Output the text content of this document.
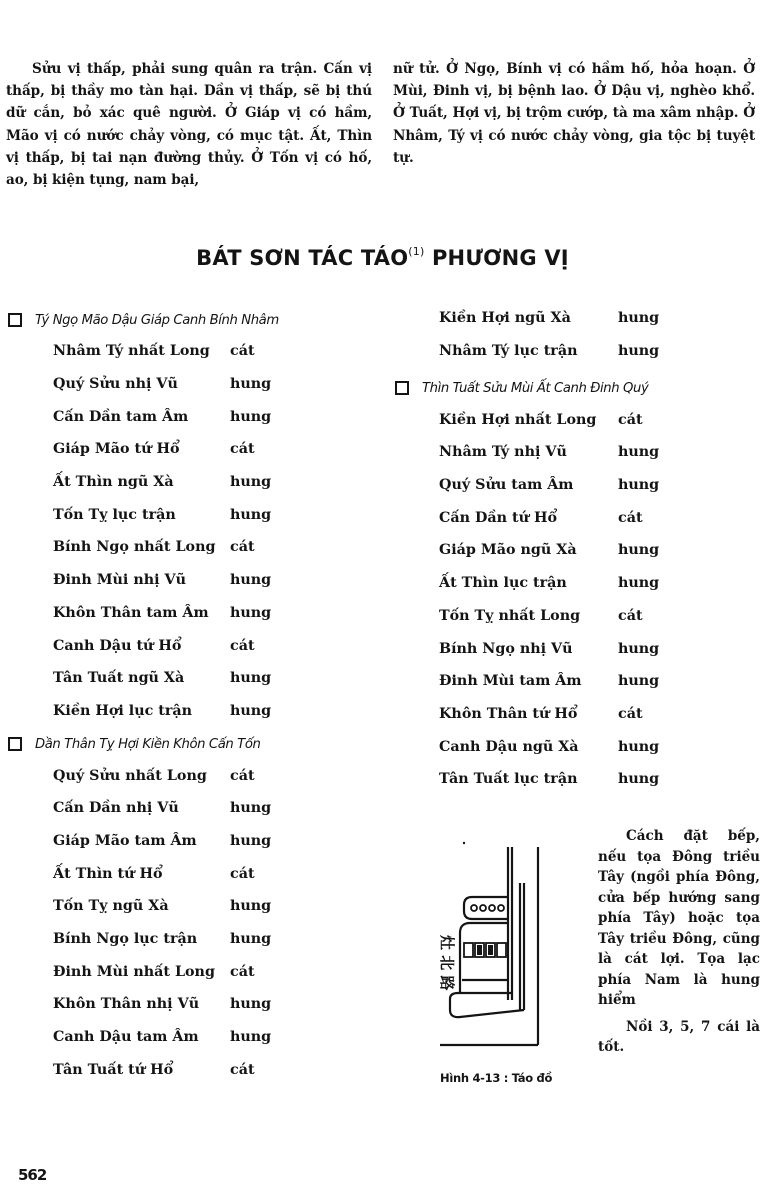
Sửu vị thấp, phải sung quân ra trận. Cấn vị thấp, bị thầy mo tàn hại. Dần vị thấp, sẽ bị thú dữ cắn, bỏ xác quê người. Ở Giáp vị có hầm, Mão vị có nước chảy vòng, có mục tật. Ất, Thìn vị thấp, bị tai nạn đường thủy. Ở Tốn vị có hố, ao, bị kiện tụng, nam bại,

nữ tử. Ở Ngọ, Bính vị có hầm hố, hỏa hoạn. Ở Mùi, Đinh vị, bị bệnh lao. Ở Dậu vị, nghèo khổ. Ở Tuất, Hợi vị, bị trộm cướp, tà ma xâm nhập. Ở Nhâm, Tý vị có nước chảy vòng, gia tộc bị tuyệt tự.

BÁT SƠN TÁC TÁO$^{(1)}$ PHƯƠNG VỊ
Tý Ngọ Mão Dậu Giáp Canh Bính Nhâm
Nhâm Tý nhất Long	cát
Quý Sửu nhị Vũ	hung
Cấn Dần tam Âm	hung
Giáp Mão tứ Hổ	cát
Ất Thìn ngũ Xà	hung
Tốn Tỵ lục trận	hung
Bính Ngọ nhất Long	cát
Đinh Mùi nhị Vũ	hung
Khôn Thân tam Âm	hung
Canh Dậu tứ Hổ	cát
Tân Tuất ngũ Xà	hung
Kiền Hợi lục trận	hung
Dần Thân Tỵ Hợi Kiền Khôn Cấn Tốn
Quý Sửu nhất Long	cát
Cấn Dần nhị Vũ	hung
Giáp Mão tam Âm	hung
Ất Thìn tứ Hổ	cát
Tốn Tỵ ngũ Xà	hung
Bính Ngọ lục trận	hung
Đinh Mùi nhất Long	cát
Khôn Thân nhị Vũ	hung
Canh Dậu tam Âm	hung
Tân Tuất tứ Hổ	cát
Kiền Hợi ngũ Xà	hung
Nhâm Tý lục trận	hung
Thìn Tuất Sửu Mùi Ất Canh Đinh Quý
Kiền Hợi nhất Long	cát
Nhâm Tý nhị Vũ	hung
Quý Sửu tam Âm	hung
Cấn Dần tứ Hổ	cát
Giáp Mão ngũ Xà	hung
Ất Thìn lục trận	hung
Tốn Tỵ nhất Long	cát
Bính Ngọ nhị Vũ	hung
Đinh Mùi tam Âm	hung
Khôn Thân tứ Hổ	cát
Canh Dậu ngũ Xà	hung
Tân Tuất lục trận	hung
灶 北 路
Hình 4-13 : Táo đồ

Cách đặt bếp, nếu tọa Đông triều Tây (ngồi phía Đông, cửa bếp hướng sang phía Tây) hoặc tọa Tây triều Đông, cũng là cát lợi. Tọa lạc phía Nam là hung hiểm

Nồi 3, 5, 7 cái là tốt.

562
